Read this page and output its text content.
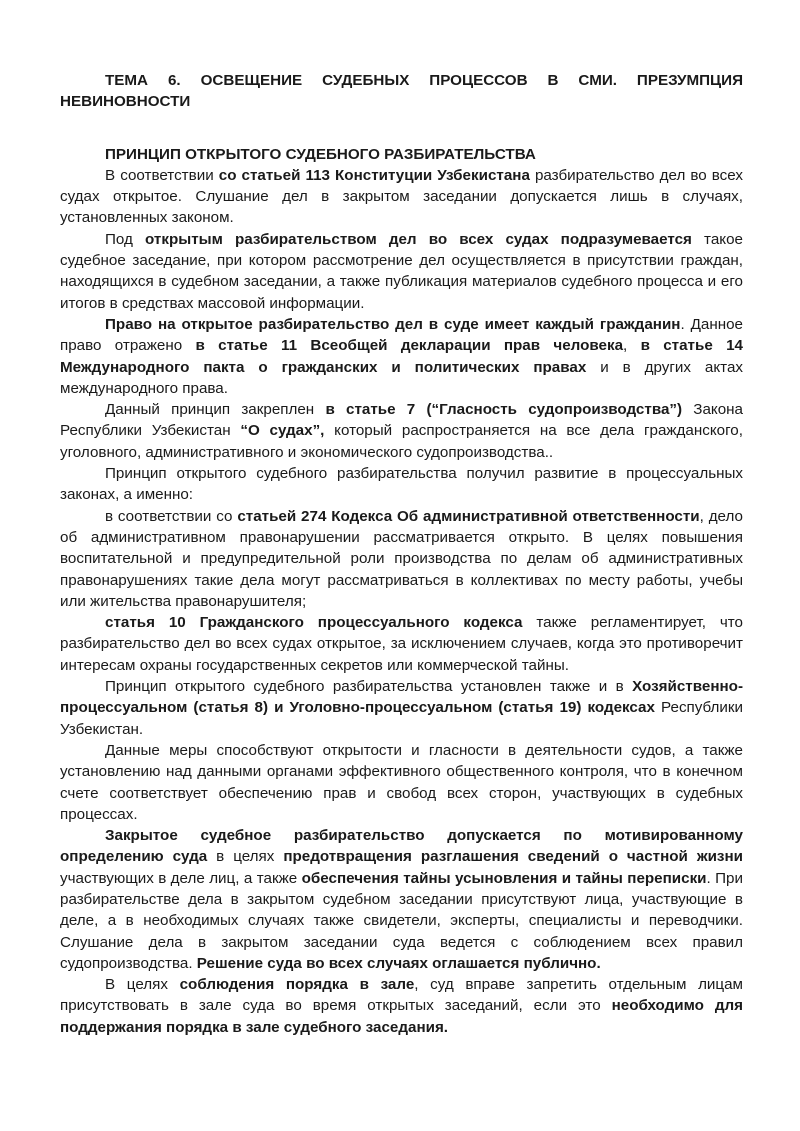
ТЕМА 6. ОСВЕЩЕНИЕ СУДЕБНЫХ ПРОЦЕССОВ В СМИ. ПРЕЗУМПЦИЯ НЕВИНОВНОСТИ

ПРИНЦИП ОТКРЫТОГО СУДЕБНОГО РАЗБИРАТЕЛЬСТВА

В соответствии со статьей 113 Конституции Узбекистана разбирательство дел во всех судах открытое. Слушание дел в закрытом заседании допускается лишь в случаях, установленных законом.

Под открытым разбирательством дел во всех судах подразумевается такое судебное заседание, при котором рассмотрение дел осуществляется в присутствии граждан, находящихся в судебном заседании, а также публикация материалов судебного процесса и его итогов в средствах массовой информации.

Право на открытое разбирательство дел в суде имеет каждый гражданин. Данное право отражено в статье 11 Всеобщей декларации прав человека, в статье 14 Международного пакта о гражданских и политических правах и в других актах международного права.

Данный принцип закреплен в статье 7 (“Гласность судопроизводства”) Закона Республики Узбекистан “О судах”, который распространяется на все дела гражданского, уголовного, административного и экономического судопроизводства..

Принцип открытого судебного разбирательства получил развитие в процессуальных законах, а именно:

в соответствии со статьей 274 Кодекса Об административной ответственности, дело об административном правонарушении рассматривается открыто. В целях повышения воспитательной и предупредительной роли производства по делам об административных правонарушениях такие дела могут рассматриваться в коллективах по месту работы, учебы или жительства правонарушителя;

статья 10 Гражданского процессуального кодекса также регламентирует, что разбирательство дел во всех судах открытое, за исключением случаев, когда это противоречит интересам охраны государственных секретов или коммерческой тайны.

Принцип открытого судебного разбирательства установлен также и в Хозяйственно-процессуальном (статья 8) и Уголовно-процессуальном (статья 19) кодексах Республики Узбекистан.

Данные меры способствуют открытости и гласности в деятельности судов, а также установлению над данными органами эффективного общественного контроля, что в конечном счете соответствует обеспечению прав и свобод всех сторон, участвующих в судебных процессах.

Закрытое судебное разбирательство допускается по мотивированному определению суда в целях предотвращения разглашения сведений о частной жизни участвующих в деле лиц, а также обеспечения тайны усыновления и тайны переписки. При разбирательстве дела в закрытом судебном заседании присутствуют лица, участвующие в деле, а в необходимых случаях также свидетели, эксперты, специалисты и переводчики. Слушание дела в закрытом заседании суда ведется с соблюдением всех правил судопроизводства. Решение суда во всех случаях оглашается публично.

В целях соблюдения порядка в зале, суд вправе запретить отдельным лицам присутствовать в зале суда во время открытых заседаний, если это необходимо для поддержания порядка в зале судебного заседания.
